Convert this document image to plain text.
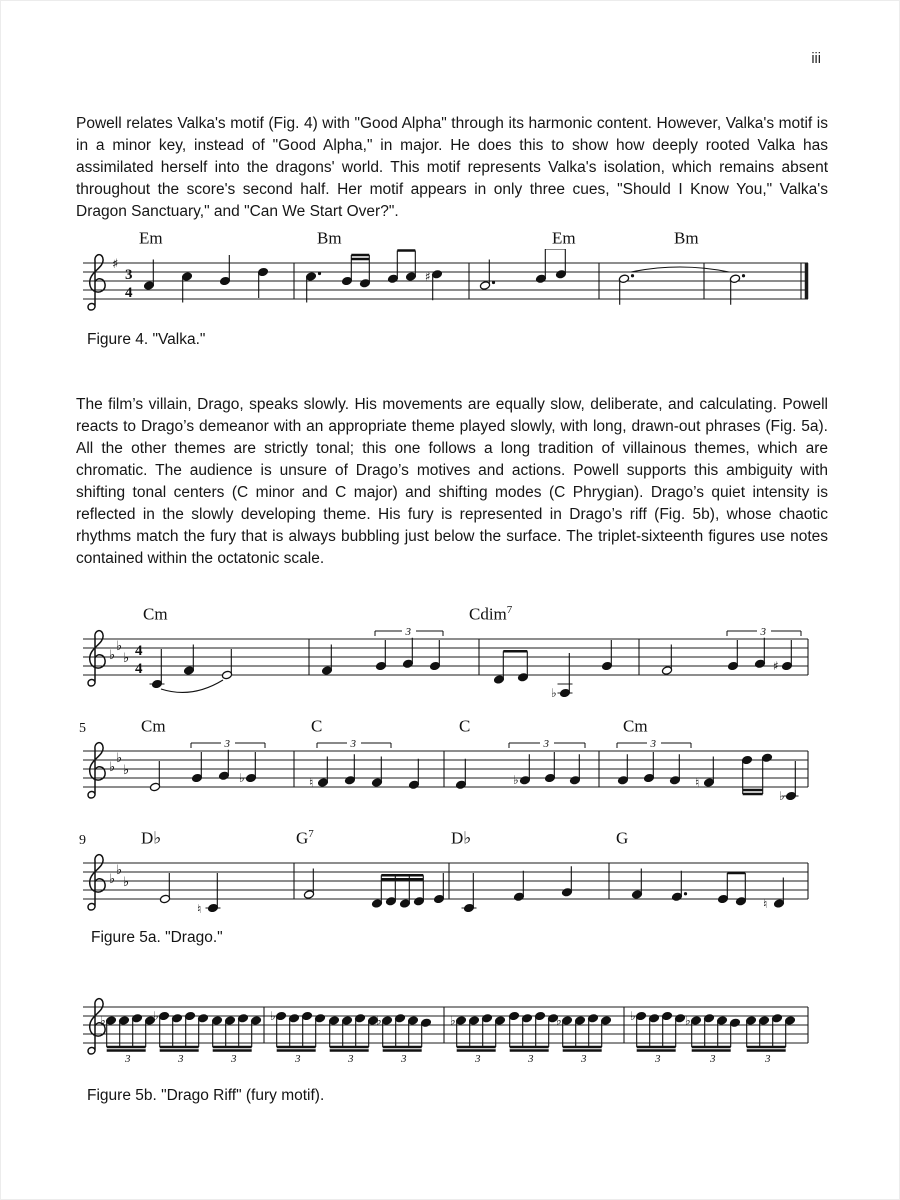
iii

Powell relates Valka's motif (Fig. 4) with "Good Alpha" through its harmonic content. However, Valka's motif is in a minor key, instead of "Good Alpha," in major. He does this to show how deeply rooted Valka has assimilated herself into the dragons' world. This motif represents Valka's isolation, which remains absent throughout the score's second half. Her motif appears in only three cues, "Should I Know You," Valka's Dragon Sanctuary," and "Can We Start Over?".

Em	Bm	Em	Bm
♯
3
4
♯

Figure 4. "Valka."

The film’s villain, Drago, speaks slowly. His movements are equally slow, deliberate, and calculating. Powell reacts to Drago’s demeanor with an appropriate theme played slowly, with long, drawn-out phrases (Fig. 5a). All the other themes are strictly tonal; this one follows a long tradition of villainous themes, which are chromatic. The audience is unsure of Drago’s motives and actions. Powell supports this ambiguity with shifting tonal centers (C minor and C major) and shifting modes (C Phrygian). Drago’s quiet intensity is reflected in the slowly developing theme. His fury is represented in Drago’s riff (Fig. 5b), whose chaotic rhythms match the fury that is always bubbling just below the surface. The triplet-sixteenth figures use notes contained within the octatonic scale.

Cm	Cdim$^7$
♭
♭
♭ 4
4
3
♭
3
♯
5	Cm	C	C	Cm
♭
♭
♭
3
♭	♮
3	3
♭
3
♮
♭
9	D♭	$G^7$	D♭	G
♭
♭
♭
♮	♮

Figure 5a. "Drago."

♭
3
♭
3	3
♭
3	3
♭
3
♭
3	3
♭
3
♭
3
♭
3	3

Figure 5b. "Drago Riff" (fury motif).
